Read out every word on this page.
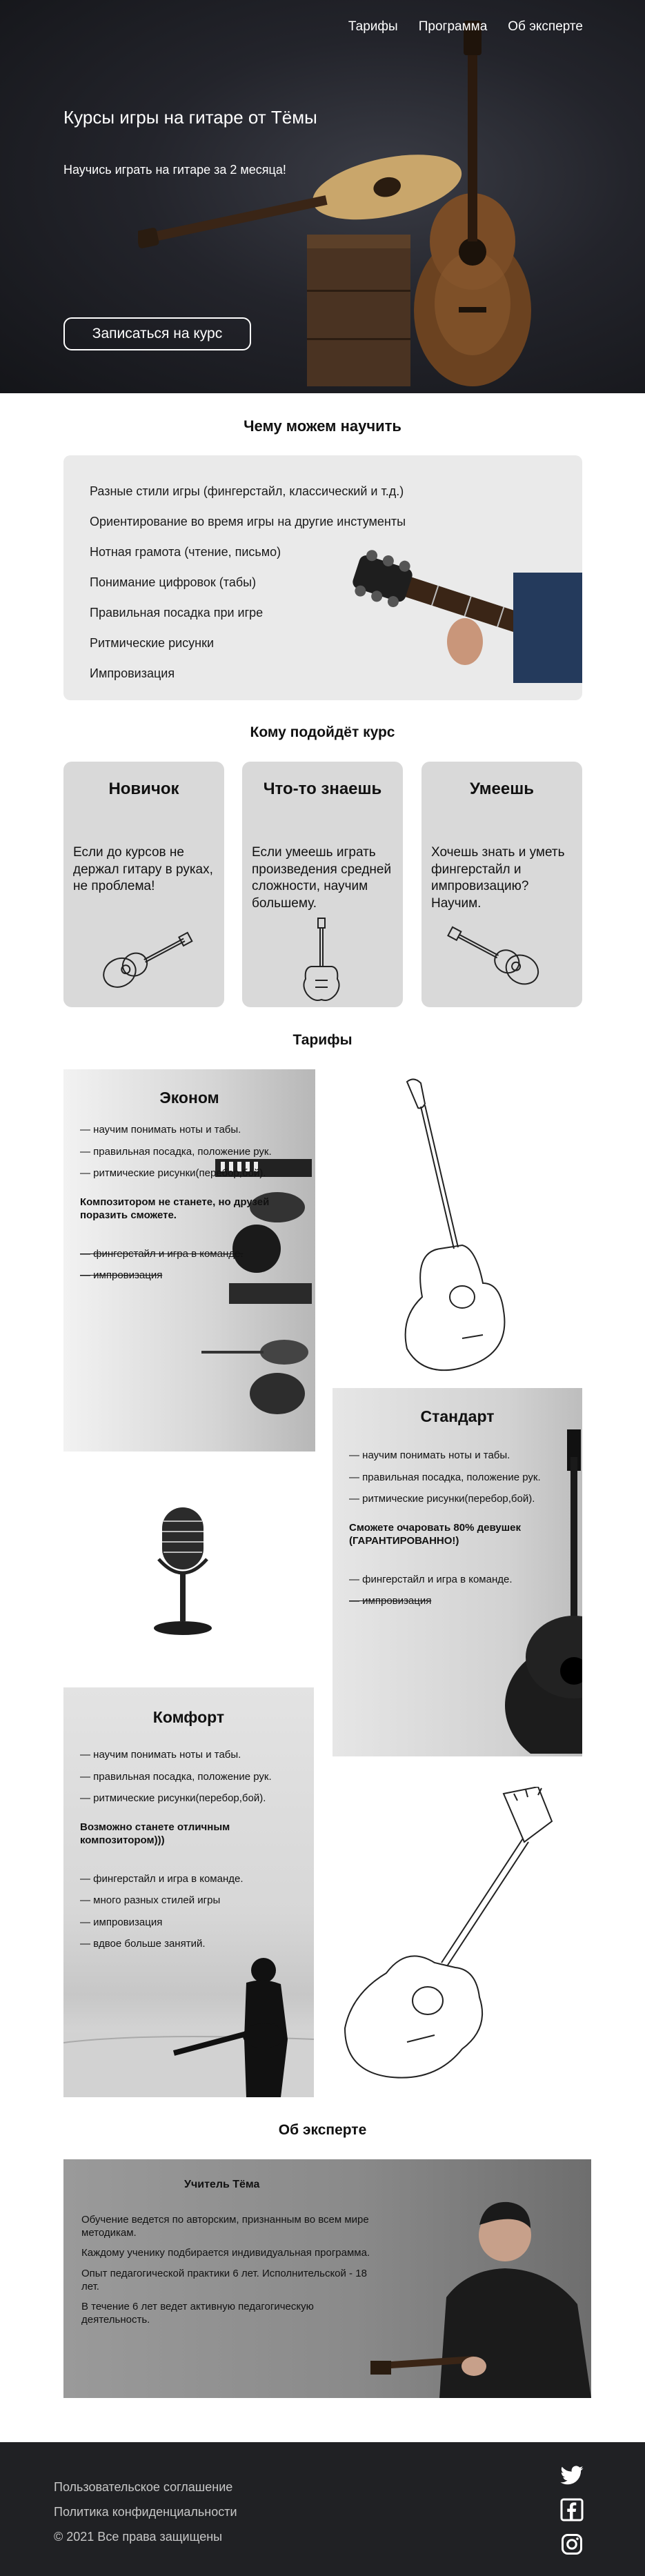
Тарифы Программа Об эксперте
Курсы игры на гитаре от Тёмы
Научись играть на гитаре за 2 месяца!
Записаться на курс
Чему можем научить
Разные стили игры (фингерстайл, классический и т.д.)
Ориентирование во время игры на другие инстументы
Нотная грамота (чтение, письмо)
Понимание цифровок (табы)
Правильная посадка при игре
Ритмические рисунки
Импровизация
Кому подойдёт курс
Новичок

Если до курсов не держал гитару в руках, не проблема!

Что-то знаешь

Если умеешь играть произведения средней сложности, научим большему.

Умеешь

Хочешь знать и уметь фингерстайл и импровизацию? Научим.

Тарифы
Эконом
— научим понимать ноты и табы.
— правильная посадка, положение рук.
— ритмические рисунки(перебор,бой).
Композитором не станете, но друзей поразить сможете.
— фингерстайл и игра в команде.
— импровизация
Стандарт
— научим понимать ноты и табы.
— правильная посадка, положение рук.
— ритмические рисунки(перебор,бой).
Сможете очаровать 80% девушек (ГАРАНТИРОВАННО!)
— фингерстайл и игра в команде.
— импровизация
Комфорт
— научим понимать ноты и табы.
— правильная посадка, положение рук.
— ритмические рисунки(перебор,бой).
Возможно станете отличным композитором)))
— фингерстайл и игра в команде.
— много разных стилей игры
— импровизация
— вдвое больше занятий.
Об эксперте
Учитель Тёма
Обучение ведется по авторским, признанным во всем мире методикам.
Каждому ученику подбирается индивидуальная программа.
Опыт педагогической практики 6 лет. Исполнительской - 18 лет.
В течение 6 лет ведет активную педагогическую деятельность.
Пользовательское соглашение
Политика конфиденциальности
© 2021 Все права защищены
